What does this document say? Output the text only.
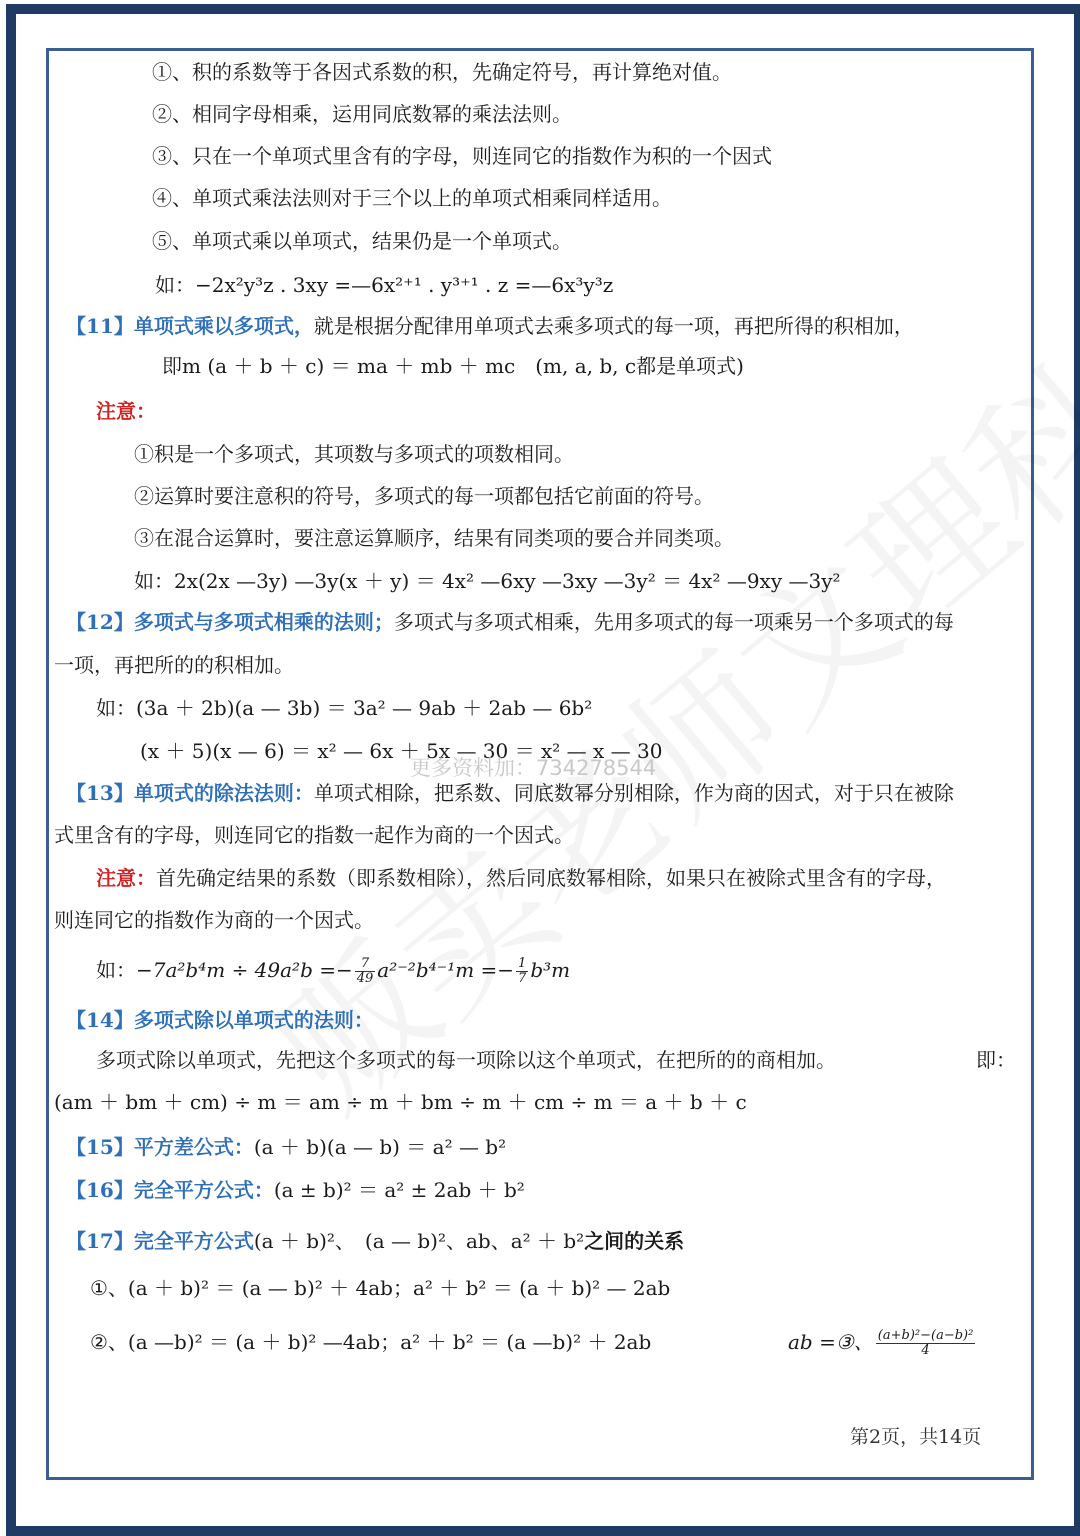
①、积的系数等于各因式系数的积，先确定符号，再计算绝对值。
②、相同字母相乘，运用同底数幂的乘法法则。
③、只在一个单项式里含有的字母，则连同它的指数作为积的一个因式
④、单项式乘法法则对于三个以上的单项式相乘同样适用。
⑤、单项式乘以单项式，结果仍是一个单项式。
如：−2x²y³z . 3xy =—6x²⁺¹ . y³⁺¹ . z =—6x³y³z
【11】单项式乘以多项式，就是根据分配律用单项式去乘多项式的每一项，再把所得的积相加，
即m (a ＋ b ＋ c) ＝ ma ＋ mb ＋ mc　(m, a, b, c都是单项式)
注意：
①积是一个多项式，其项数与多项式的项数相同。
②运算时要注意积的符号，多项式的每一项都包括它前面的符号。
③在混合运算时，要注意运算顺序，结果有同类项的要合并同类项。
如：2x(2x —3y) —3y(x ＋ y) ＝ 4x² —6xy —3xy —3y² ＝ 4x² —9xy —3y²
【12】多项式与多项式相乘的法则；多项式与多项式相乘，先用多项式的每一项乘另一个多项式的每
一项，再把所的的积相加。
如：(3a ＋ 2b)(a — 3b) ＝ 3a² — 9ab ＋ 2ab — 6b²
(x ＋ 5)(x — 6) ＝ x² — 6x ＋ 5x — 30 ＝ x² — x — 30
更多资料加：734278544
【13】单项式的除法法则：单项式相除，把系数、同底数幂分别相除，作为商的因式，对于只在被除
式里含有的字母，则连同它的指数一起作为商的一个因式。
注意：首先确定结果的系数（即系数相除），然后同底数幂相除，如果只在被除式里含有的字母，
则连同它的指数作为商的一个因式。
如：$-7a^2b^4m \div 49a^2b =- \frac{7}{49} a^{2-2}b^{4-1}m =- \frac{1}{7} b^3m$
【14】多项式除以单项式的法则：
多项式除以单项式，先把这个多项式的每一项除以这个单项式，在把所的的商相加。	即：
(am ＋ bm ＋ cm) ÷ m ＝ am ÷ m ＋ bm ÷ m ＋ cm ÷ m ＝ a ＋ b ＋ c
【15】平方差公式：(a ＋ b)(a — b) ＝ a² — b²
【16】完全平方公式：(a ± b)² ＝ a² ± 2ab ＋ b²
【17】完全平方公式(a ＋ b)²、　(a — b)²、ab、a² ＋ b²之间的关系
①、(a ＋ b)² ＝ (a — b)² ＋ 4ab；a² ＋ b² ＝ (a ＋ b)² — 2ab
②、(a —b)² ＝ (a ＋ b)² —4ab；a² ＋ b² ＝ (a —b)² ＋ 2ab	ab =③、 $\frac{\text{(a+b)²−(a−b)²}}{4}$
第2页，共14页
